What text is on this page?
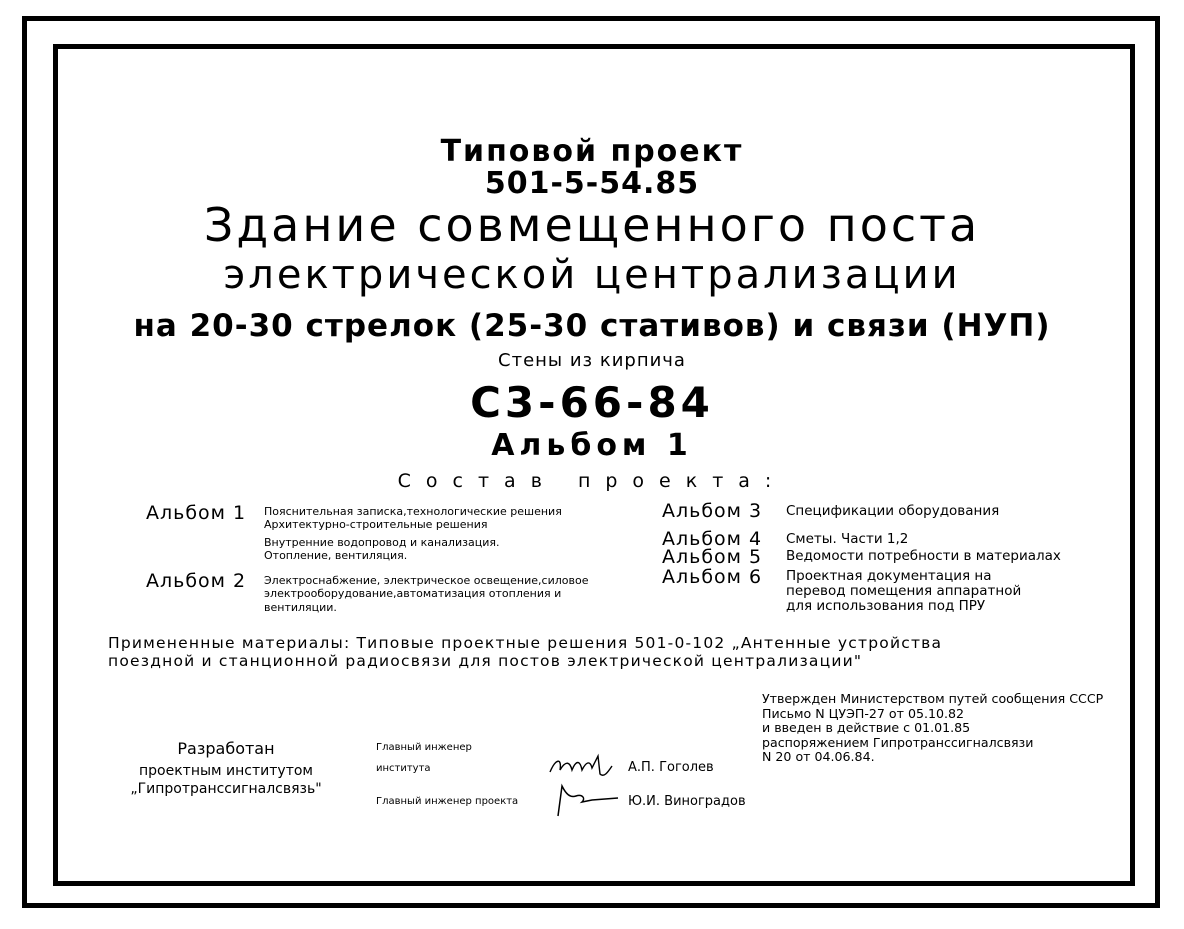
Типовой проект
501-5-54.85
Здание совмещенного поста
электрической централизации
на 20-30 стрелок (25-30 стативов) и связи (НУП)
Стены из кирпича
С3-66-84
Альбом 1
Состав проекта:
Альбом 1 Пояснительная записка,технологические решения
Архитектурно-строительные решения
Внутренние водопровод и канализация.
Отопление, вентиляция.
Альбом 2 Электроснабжение, электрическое освещение,силовое
электрооборудование,автоматизация отопления и
вентиляции.
Альбом 3 Спецификации оборудования
Альбом 4 Сметы. Части 1,2
Альбом 5 Ведомости потребности в материалах
Альбом 6 Проектная документация на
перевод помещения аппаратной
для использования под ПРУ
Примененные материалы: Типовые проектные решения 501-0-102 „Антенные устройства
поездной и станционной радиосвязи для постов электрической централизации"
Утвержден Министерством путей сообщения СССР
Письмо N ЦУЭП-27 от 05.10.82
и введен в действие с 01.01.85
распоряжением Гипротранссигналсвязи
N 20 от 04.06.84.
Разработан
проектным институтом
„Гипротранссигналсвязь"
Главный инженер
института	А.П. Гоголев
Главный инженер проекта	Ю.И. Виноградов
